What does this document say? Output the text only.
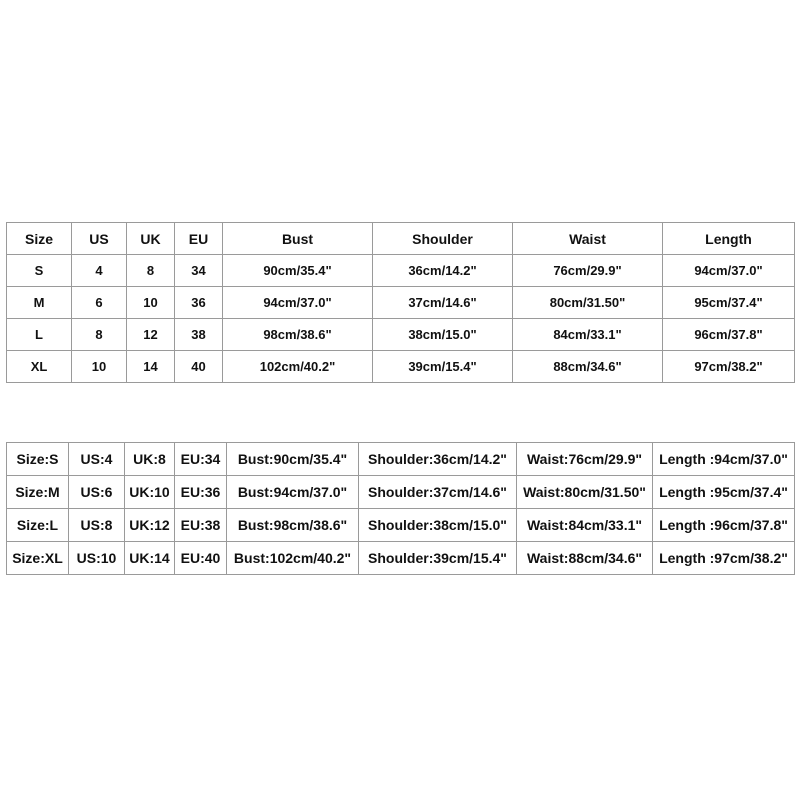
Size	US	UK	EU	Bust	Shoulder	Waist	Length
S	4	8	34	90cm/35.4"	36cm/14.2"	76cm/29.9"	94cm/37.0"
M	6	10	36	94cm/37.0"	37cm/14.6"	80cm/31.50"	95cm/37.4"
L	8	12	38	98cm/38.6"	38cm/15.0"	84cm/33.1"	96cm/37.8"
XL	10	14	40	102cm/40.2"	39cm/15.4"	88cm/34.6"	97cm/38.2"
Size:S	US:4	UK:8	EU:34	Bust:90cm/35.4"	Shoulder:36cm/14.2"	Waist:76cm/29.9"	Length :94cm/37.0"
Size:M	US:6	UK:10	EU:36	Bust:94cm/37.0"	Shoulder:37cm/14.6"	Waist:80cm/31.50"	Length :95cm/37.4"
Size:L	US:8	UK:12	EU:38	Bust:98cm/38.6"	Shoulder:38cm/15.0"	Waist:84cm/33.1"	Length :96cm/37.8"
Size:XL	US:10	UK:14	EU:40	Bust:102cm/40.2"	Shoulder:39cm/15.4"	Waist:88cm/34.6"	Length :97cm/38.2"
